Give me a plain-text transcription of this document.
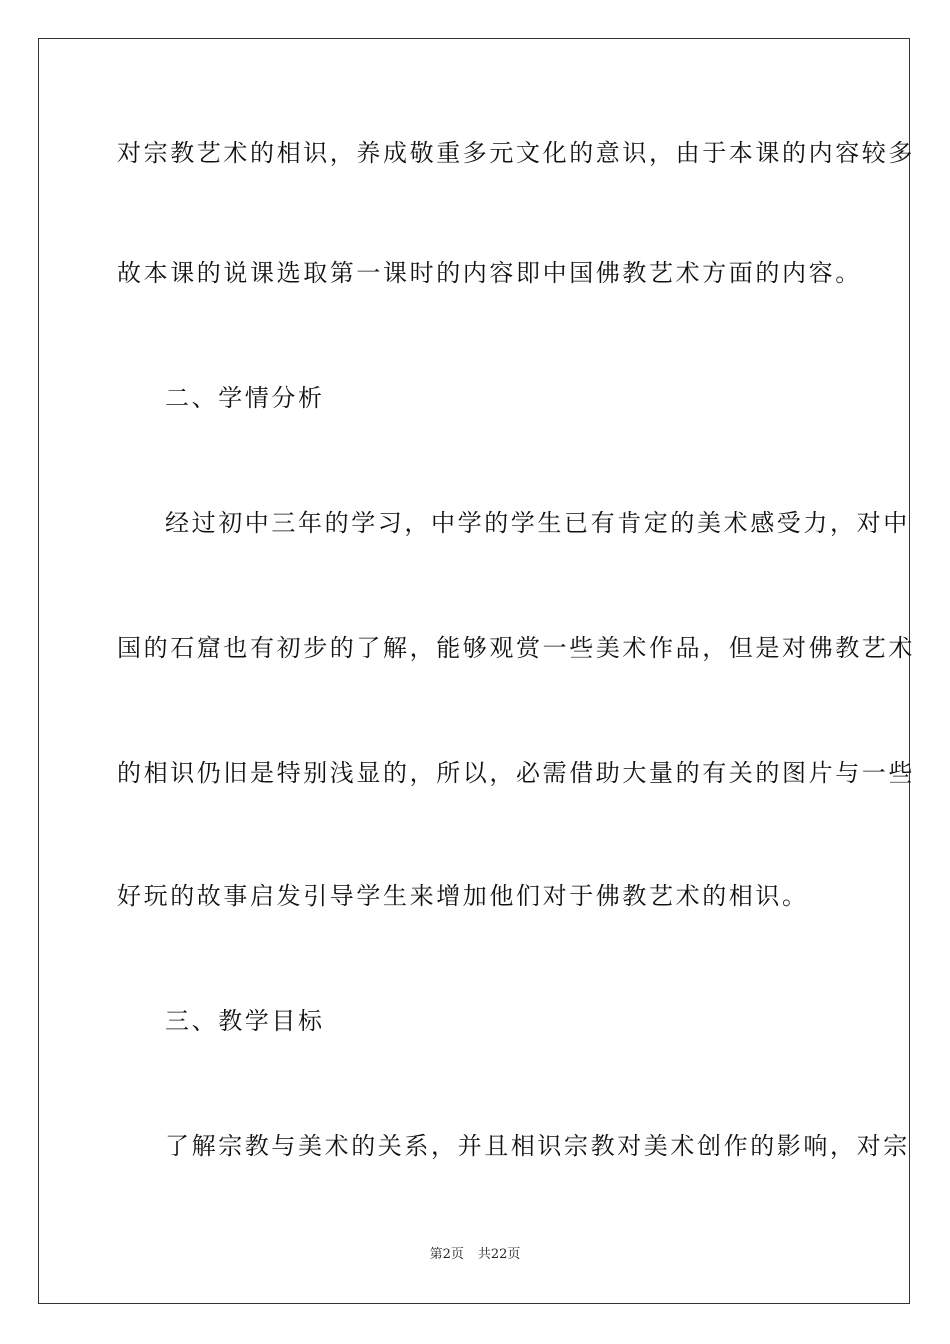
对宗教艺术的相识，养成敬重多元文化的意识，由于本课的内容较多
故本课的说课选取第一课时的内容即中国佛教艺术方面的内容。
二、学情分析
经过初中三年的学习，中学的学生已有肯定的美术感受力，对中
国的石窟也有初步的了解，能够观赏一些美术作品，但是对佛教艺术
的相识仍旧是特别浅显的，所以，必需借助大量的有关的图片与一些
好玩的故事启发引导学生来增加他们对于佛教艺术的相识。
三、教学目标
了解宗教与美术的关系，并且相识宗教对美术创作的影响，对宗
第2页 共22页
